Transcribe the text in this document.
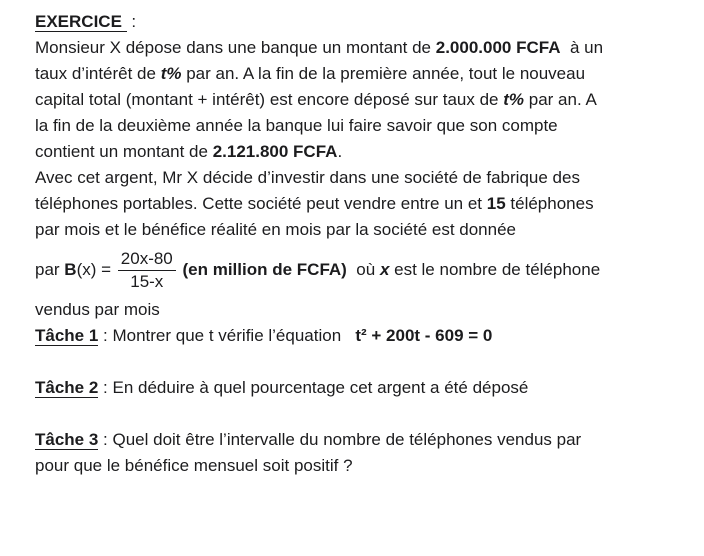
EXERCICE  :
Monsieur X dépose dans une banque un montant de 2.000.000 FCFA  à un
taux d’intérêt de t% par an. A la fin de la première année, tout le nouveau
capital total (montant + intérêt) est encore déposé sur taux de t% par an. A
la fin de la deuxième année la banque lui faire savoir que son compte
contient un montant de 2.121.800 FCFA.
Avec cet argent, Mr X décide d’investir dans une société de fabrique des
téléphones portables. Cette société peut vendre entre un et 15 téléphones
par mois et le bénéfice réalité en mois par la société est donnée
par B $(x) = \frac{20x-80}{15-x}$
(en million de FCFA) où x est le nombre de téléphone
vendus par mois
Tâche 1 : Montrer que t vérifie l’équation   t² + 200t - 609 = 0
Tâche 2 : En déduire à quel pourcentage cet argent a été déposé
Tâche 3 : Quel doit être l’intervalle du nombre de téléphones vendus par
pour que le bénéfice mensuel soit positif ?
